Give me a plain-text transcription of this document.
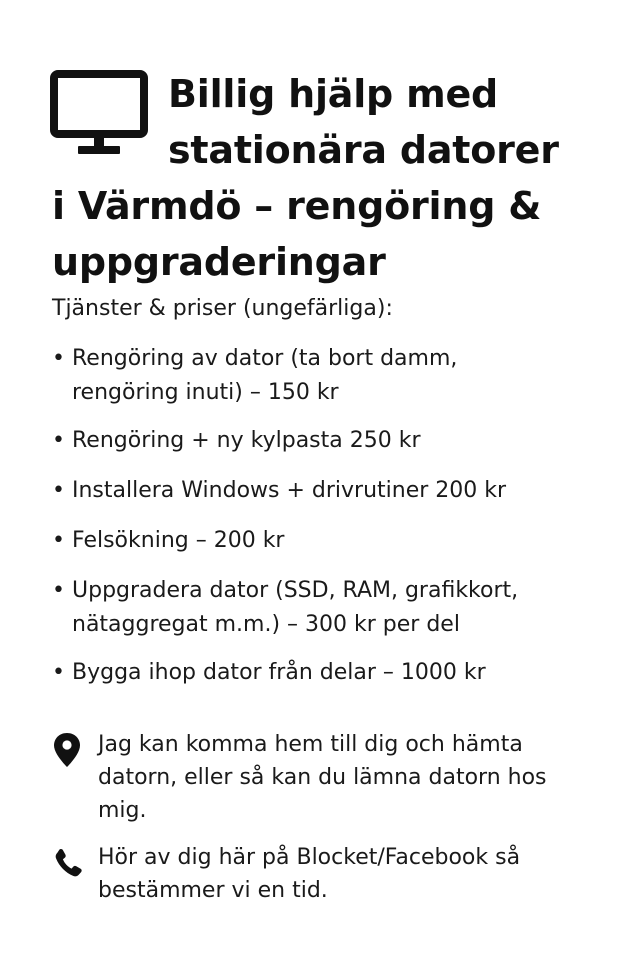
Billig hjälp med
stationära datorer
i Värmdö – rengöring &
uppgraderingar

Tjänster & priser (ungefärliga):

• Rengöring av dator (ta bort damm,
rengöring inuti) – 150 kr
• Rengöring + ny kylpasta 250 kr
• Installera Windows + drivrutiner 200 kr
• Felsökning – 200 kr
• Uppgradera dator (SSD, RAM, grafikkort,
nätaggregat m.m.) – 300 kr per del
• Bygga ihop dator från delar – 1000 kr

Jag kan komma hem till dig och hämta
datorn, eller så kan du lämna datorn hos
mig.

Hör av dig här på Blocket/Facebook så
bestämmer vi en tid.
